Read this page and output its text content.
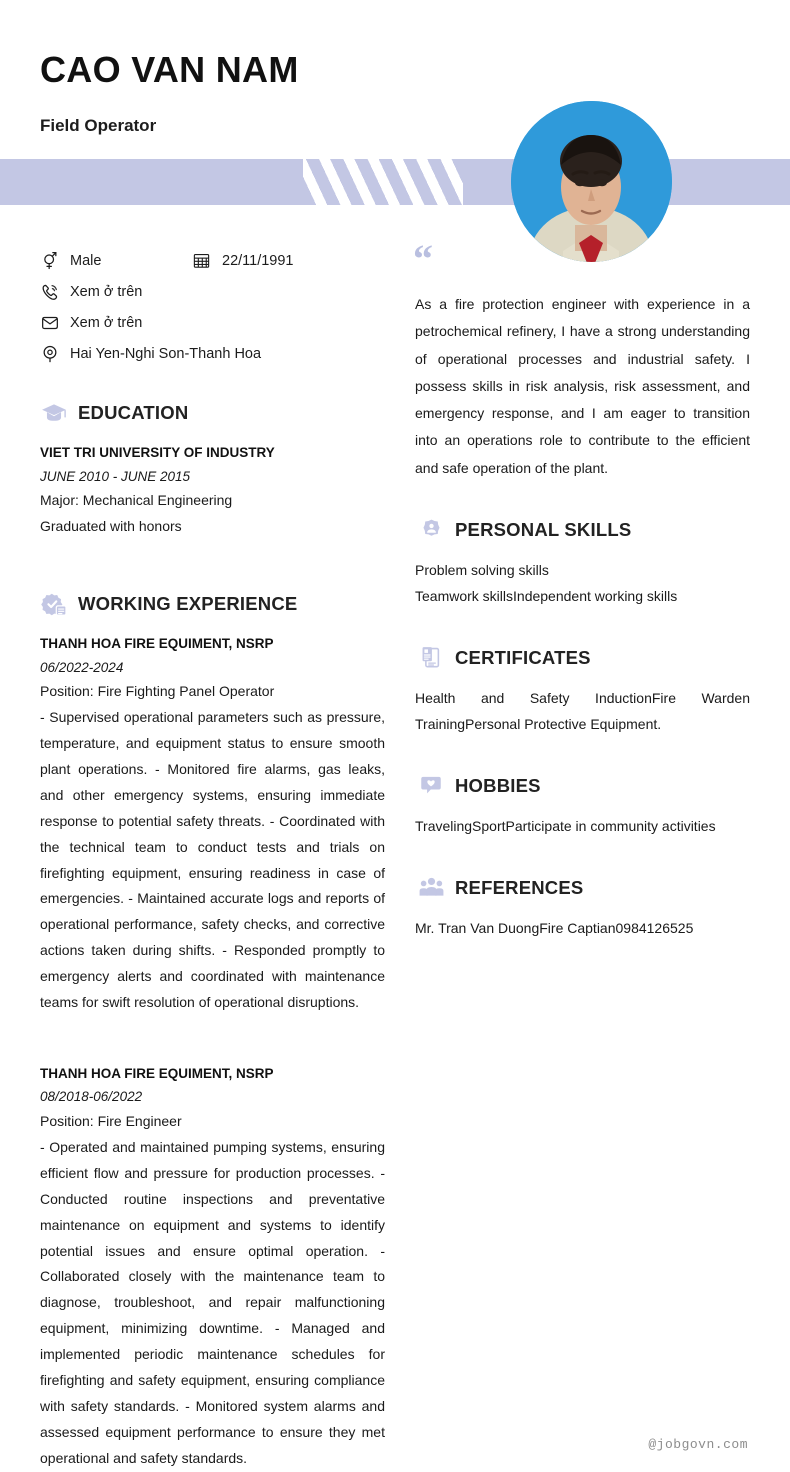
CAO VAN NAM
Field Operator
Male	22/11/1991
Xem ở trên
Xem ở trên
Hai Yen-Nghi Son-Thanh Hoa
EDUCATION
VIET TRI UNIVERSITY OF INDUSTRY
JUNE 2010 - JUNE 2015
Major: Mechanical Engineering
Graduated with honors
WORKING EXPERIENCE
THANH HOA FIRE EQUIMENT, NSRP
06/2022-2024
Position: Fire Fighting Panel Operator
- Supervised operational parameters such as pressure, temperature, and equipment status to ensure smooth plant operations. - Monitored fire alarms, gas leaks, and other emergency systems, ensuring immediate response to potential safety threats. - Coordinated with the technical team to conduct tests and trials on firefighting equipment, ensuring readiness in case of emergencies. - Maintained accurate logs and reports of operational performance, safety checks, and corrective actions taken during shifts. - Responded promptly to emergency alerts and coordinated with maintenance teams for swift resolution of operational disruptions.
THANH HOA FIRE EQUIMENT, NSRP
08/2018-06/2022
Position: Fire Engineer
- Operated and maintained pumping systems, ensuring efficient flow and pressure for production processes. - Conducted routine inspections and preventative maintenance on equipment and systems to identify potential issues and ensure optimal operation. - Collaborated closely with the maintenance team to diagnose, troubleshoot, and repair malfunctioning equipment, minimizing downtime. - Managed and implemented periodic maintenance schedules for firefighting and safety equipment, ensuring compliance with safety standards. - Monitored system alarms and assessed equipment performance to ensure they met operational and safety standards.
“
As a fire protection engineer with experience in a petrochemical refinery, I have a strong understanding of operational processes and industrial safety. I possess skills in risk analysis, risk assessment, and emergency response, and I am eager to transition into an operations role to contribute to the efficient and safe operation of the plant.
PERSONAL SKILLS
Problem solving skills
Teamwork skillsIndependent working skills
CERTIFICATES
Health and Safety InductionFire Warden TrainingPersonal Protective Equipment.
HOBBIES
TravelingSportParticipate in community activities
REFERENCES
Mr. Tran Van DuongFire Captian0984126525
@jobgovn.com
